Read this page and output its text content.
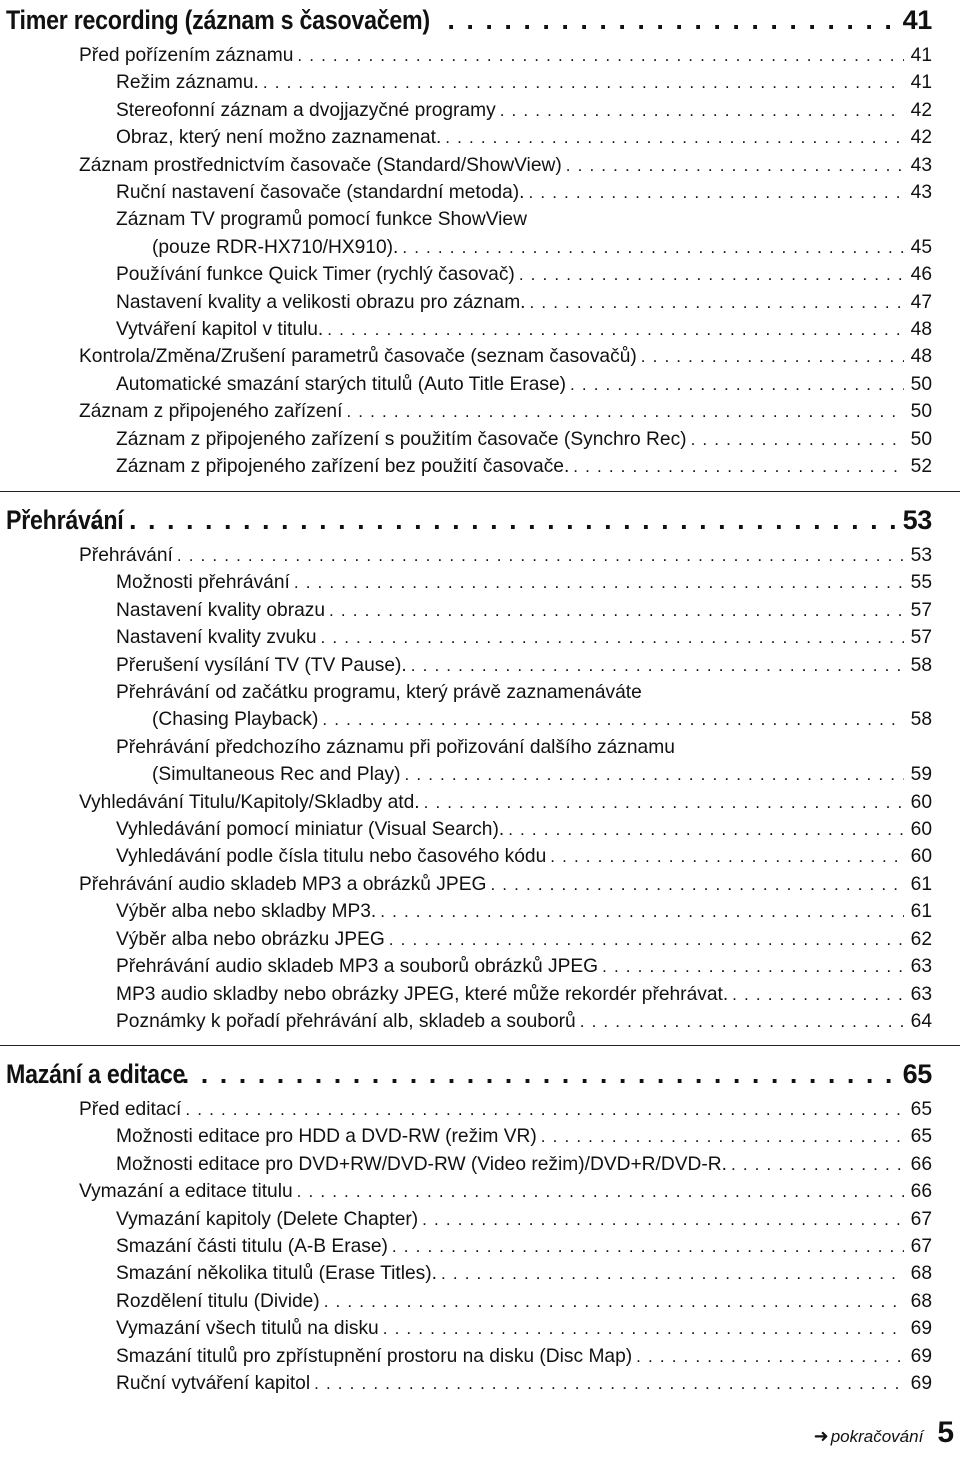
Timer recording (záznam s časovačem) . . .	41
Před pořízením záznamu . . .	41
Režim záznamu. . . .	41
Stereofonní záznam a dvojjazyčné programy . . .	42
Obraz, který není možno zaznamenat. . . .	42
Záznam prostřednictvím časovače (Standard/ShowView) . . .	43
Ruční nastavení časovače (standardní metoda). . . .	43
Záznam TV programů pomocí funkce ShowView
(pouze RDR-HX710/HX910). . . .	45
Používání funkce Quick Timer (rychlý časovač) . . .	46
Nastavení kvality a velikosti obrazu pro záznam. . . .	47
Vytváření kapitol v titulu. . . .	48
Kontrola/Změna/Zrušení parametrů časovače (seznam časovačů) . . .	48
Automatické smazání starých titulů (Auto Title Erase) . . .	50
Záznam z připojeného zařízení . . .	50
Záznam z připojeného zařízení s použitím časovače (Synchro Rec) . . .	50
Záznam z připojeného zařízení bez použití časovače. . . .	52
Přehrávání . . .	53
Přehrávání . . .	53
Možnosti přehrávání . . .	55
Nastavení kvality obrazu . . .	57
Nastavení kvality zvuku . . .	57
Přerušení vysílání TV (TV Pause). . . .	58
Přehrávání od začátku programu, který právě zaznamenáváte
(Chasing Playback) . . .	58
Přehrávání předchozího záznamu při pořizování dalšího záznamu
(Simultaneous Rec and Play) . . .	59
Vyhledávání Titulu/Kapitoly/Skladby atd. . . .	60
Vyhledávání pomocí miniatur (Visual Search). . . .	60
Vyhledávání podle čísla titulu nebo časového kódu . . .	60
Přehrávání audio skladeb MP3 a obrázků JPEG . . .	61
Výběr alba nebo skladby MP3. . . .	61
Výběr alba nebo obrázku JPEG . . .	62
Přehrávání audio skladeb MP3 a souborů obrázků JPEG . . .	63
MP3 audio skladby nebo obrázky JPEG, které může rekordér přehrávat. . . .	63
Poznámky k pořadí přehrávání alb, skladeb a souborů . . .	64
Mazání a editace . . .	65
Před editací . . .	65
Možnosti editace pro HDD a DVD-RW (režim VR) . . .	65
Možnosti editace pro DVD+RW/DVD-RW (Video režim)/DVD+R/DVD-R. . . .	66
Vymazání a editace titulu . . .	66
Vymazání kapitoly (Delete Chapter) . . .	67
Smazání části titulu (A-B Erase) . . .	67
Smazání několika titulů (Erase Titles). . . .	68
Rozdělení titulu (Divide) . . .	68
Vymazání všech titulů na disku . . .	69
Smazání titulů pro zpřístupnění prostoru na disku (Disc Map) . . .	69
Ruční vytváření kapitol . . .	69
➜ pokračování 5
